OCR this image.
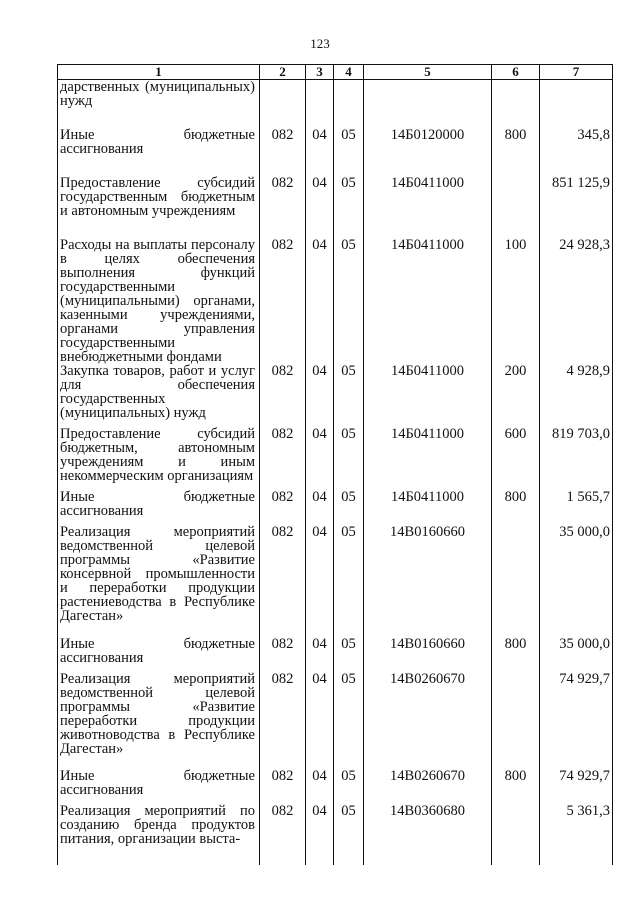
123
1	2	3	4	5	6	7
дарственных (муниципальных) нужд						
Иные бюджетные ассигнования	082	04	05	14Б0120000	800	345,8
Предоставление субсидий государственным бюджетным и автономным учреждениям	082	04	05	14Б0411000		851 125,9
Расходы на выплаты персоналу в целях обеспечения выполнения функций государственными (муниципальными) органами, казенными учреждениями, органами управления государственными внебюджетными фондами	082	04	05	14Б0411000	100	24 928,3
Закупка товаров, работ и услуг для обеспечения государственных (муниципальных) нужд	082	04	05	14Б0411000	200	4 928,9
Предоставление субсидий бюджетным, автономным учреждениям и иным некоммерческим организациям	082	04	05	14Б0411000	600	819 703,0
Иные бюджетные ассигнования	082	04	05	14Б0411000	800	1 565,7
Реализация мероприятий ведомственной целевой программы «Развитие консервной промышленности и переработки продукции растениеводства в Республике Дагестан»	082	04	05	14В0160660		35 000,0
Иные бюджетные ассигнования	082	04	05	14В0160660	800	35 000,0
Реализация мероприятий ведомственной целевой программы «Развитие переработки продукции животноводства в Республике Дагестан»	082	04	05	14В0260670		74 929,7
Иные бюджетные ассигнования	082	04	05	14В0260670	800	74 929,7
Реализация мероприятий по созданию бренда продуктов питания, организации выста-	082	04	05	14В0360680		5 361,3
